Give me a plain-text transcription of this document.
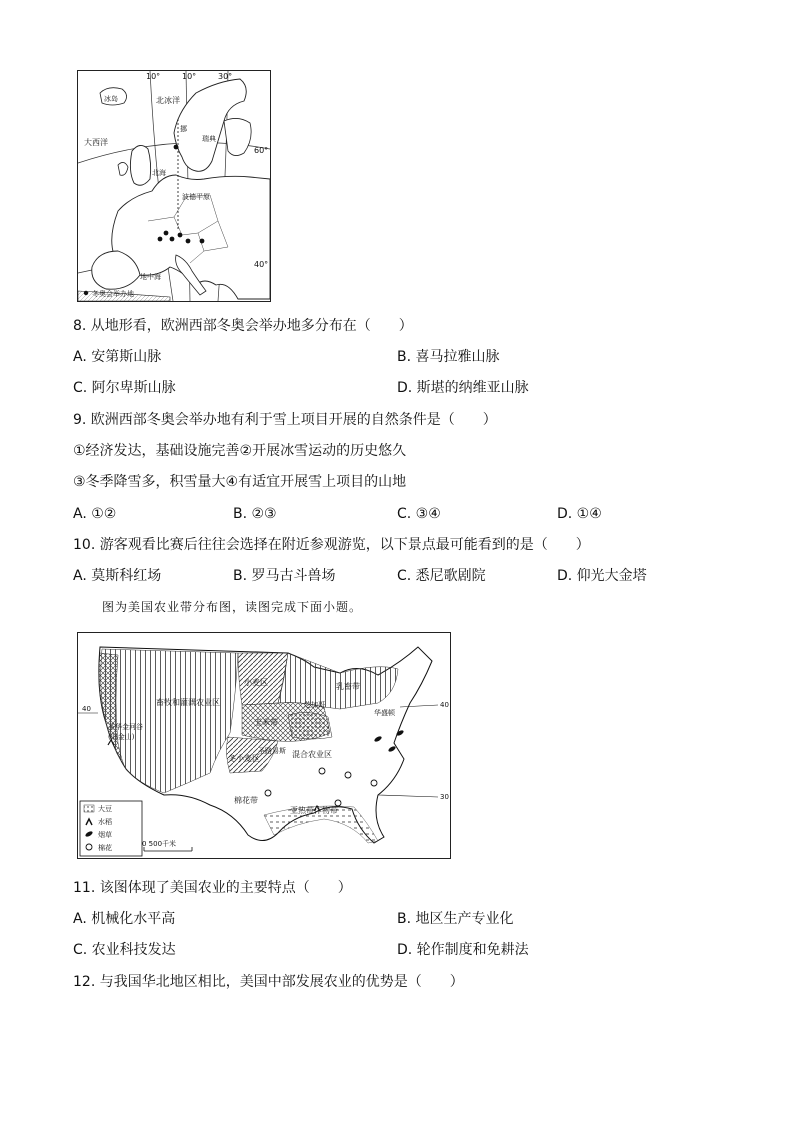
10°	10°	30°
60°
40°
冰岛	北冰洋
大西洋
挪
瑞典
北海
波德平原
地中海
冬奥会举办地
8. 从地形看，欧洲西部冬奥会举办地多分布在（　　）
A. 安第斯山脉	B. 喜马拉雅山脉
C. 阿尔卑斯山脉	D. 斯堪的纳维亚山脉
9. 欧洲西部冬奥会举办地有利于雪上项目开展的自然条件是（　　）
①经济发达，基础设施完善②开展冰雪运动的历史悠久
③冬季降雪多，积雪量大④有适宜开展雪上项目的山地
A. ①②	B. ②③	C. ③④	D. ①④
10. 游客观看比赛后往往会选择在附近参观游览，以下景点最可能看到的是（　　）
A. 莫斯科红场	B. 罗马古斗兽场	C. 悉尼歌剧院	D. 仰光大金塔
图为美国农业带分布图，读图完成下面小题。
畜牧和灌溉农业区
小麦区
玉米带
乳畜带
冬小麦区
圣华金河谷
混合农业区
棉花带
亚热带作物带
华盛顿
芝加哥
圣路易斯
(旧金山)
40	40
30
大豆
水稻
烟草
棉花	0 500千米
11. 该图体现了美国农业的主要特点（　　）
A. 机械化水平高	B. 地区生产专业化
C. 农业科技发达	D. 轮作制度和免耕法
12. 与我国华北地区相比，美国中部发展农业的优势是（　　）
